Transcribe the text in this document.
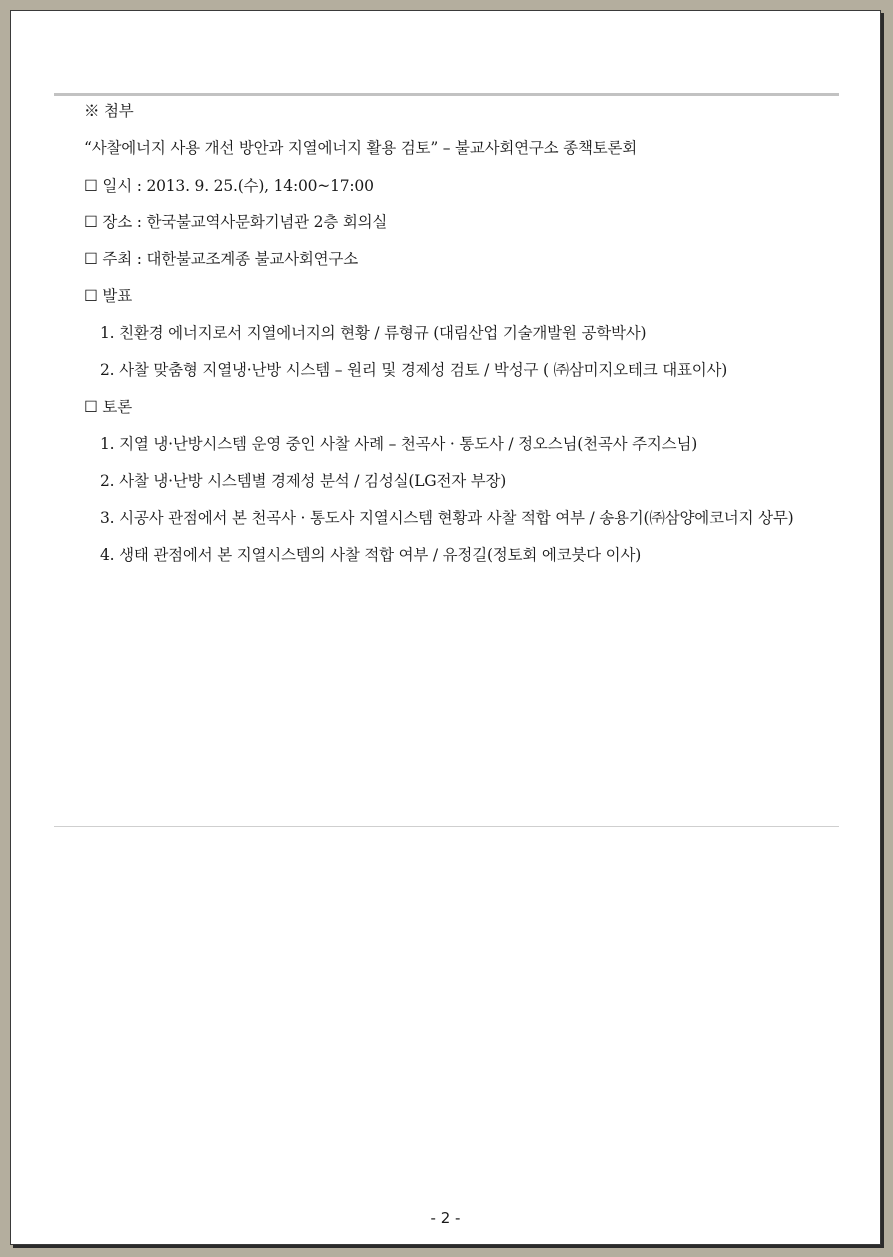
※ 첨부
“사찰에너지 사용 개선 방안과 지열에너지 활용 검토” – 불교사회연구소 종책토론회
☐ 일시 : 2013. 9. 25.(수), 14:00~17:00
☐ 장소 : 한국불교역사문화기념관 2층 회의실
☐ 주최 : 대한불교조계종 불교사회연구소
☐ 발표
1. 친환경 에너지로서 지열에너지의 현황 / 류형규 (대림산업 기술개발원 공학박사)
2. 사찰 맞춤형 지열냉·난방 시스템 – 원리 및 경제성 검토 / 박성구 ( ㈜삼미지오테크 대표이사)
☐ 토론
1. 지열 냉·난방시스템 운영 중인 사찰 사례 – 천곡사 · 통도사 / 정오스님(천곡사 주지스님)
2. 사찰 냉·난방 시스템별 경제성 분석 / 김성실(LG전자 부장)
3. 시공사 관점에서 본 천곡사 · 통도사 지열시스템 현황과 사찰 적합 여부 / 송용기(㈜삼양에코너지 상무)
4. 생태 관점에서 본 지열시스템의 사찰 적합 여부 / 유정길(정토회 에코붓다 이사)
- 2 -
